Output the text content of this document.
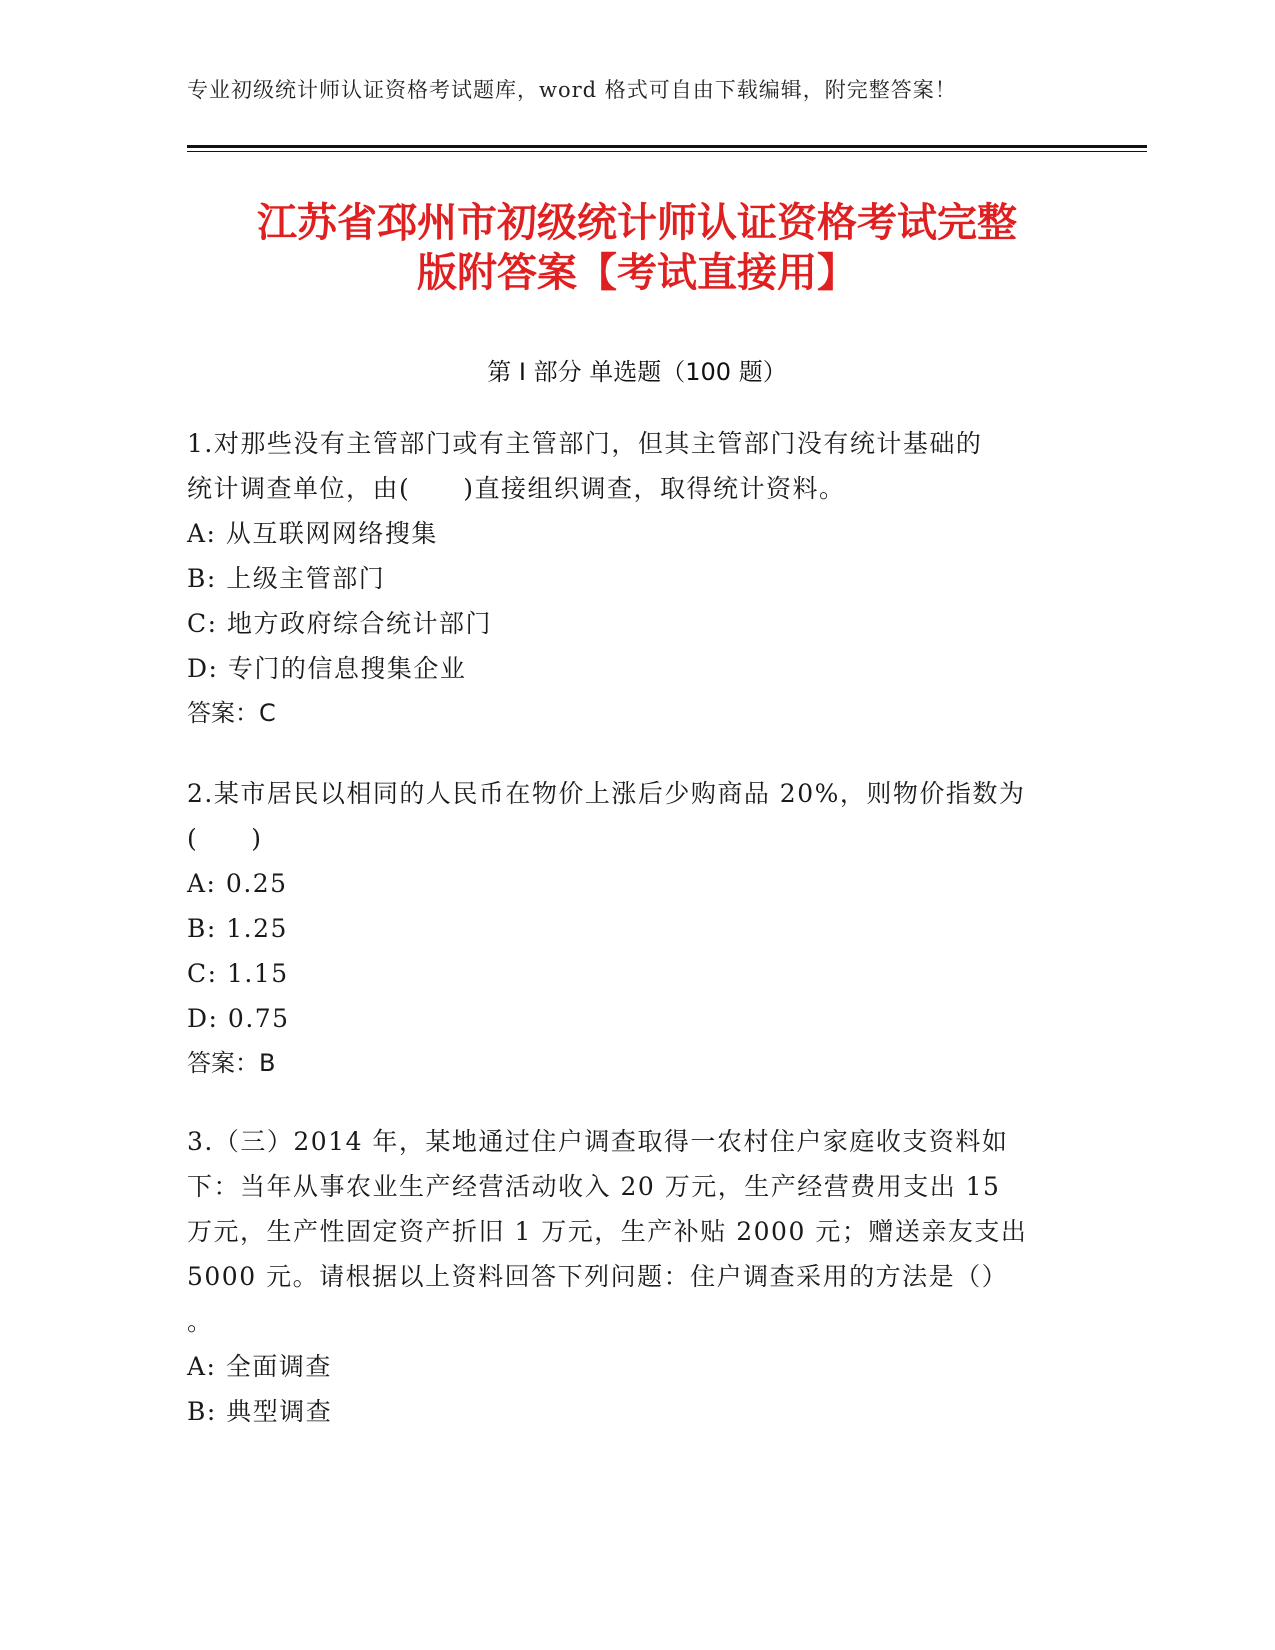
专业初级统计师认证资格考试题库，word 格式可自由下载编辑，附完整答案！
江苏省邳州市初级统计师认证资格考试完整
版附答案【考试直接用】
第 I 部分 单选题（100 题）

1.对那些没有主管部门或有主管部门，但其主管部门没有统计基础的
统计调查单位，由(　　)直接组织调查，取得统计资料。

A: 从互联网网络搜集

B: 上级主管部门

C: 地方政府综合统计部门

D: 专门的信息搜集企业

答案：C

2.某市居民以相同的人民币在物价上涨后少购商品 20%，则物价指数为
(　　)

A: 0.25

B: 1.25

C: 1.15

D: 0.75

答案：B

3.（三）2014 年，某地通过住户调查取得一农村住户家庭收支资料如
下：当年从事农业生产经营活动收入 20 万元，生产经营费用支出 15
万元，生产性固定资产折旧 1 万元，生产补贴 2000 元；赠送亲友支出
5000 元。请根据以上资料回答下列问题：住户调查采用的方法是（）
。

A: 全面调查

B: 典型调查
